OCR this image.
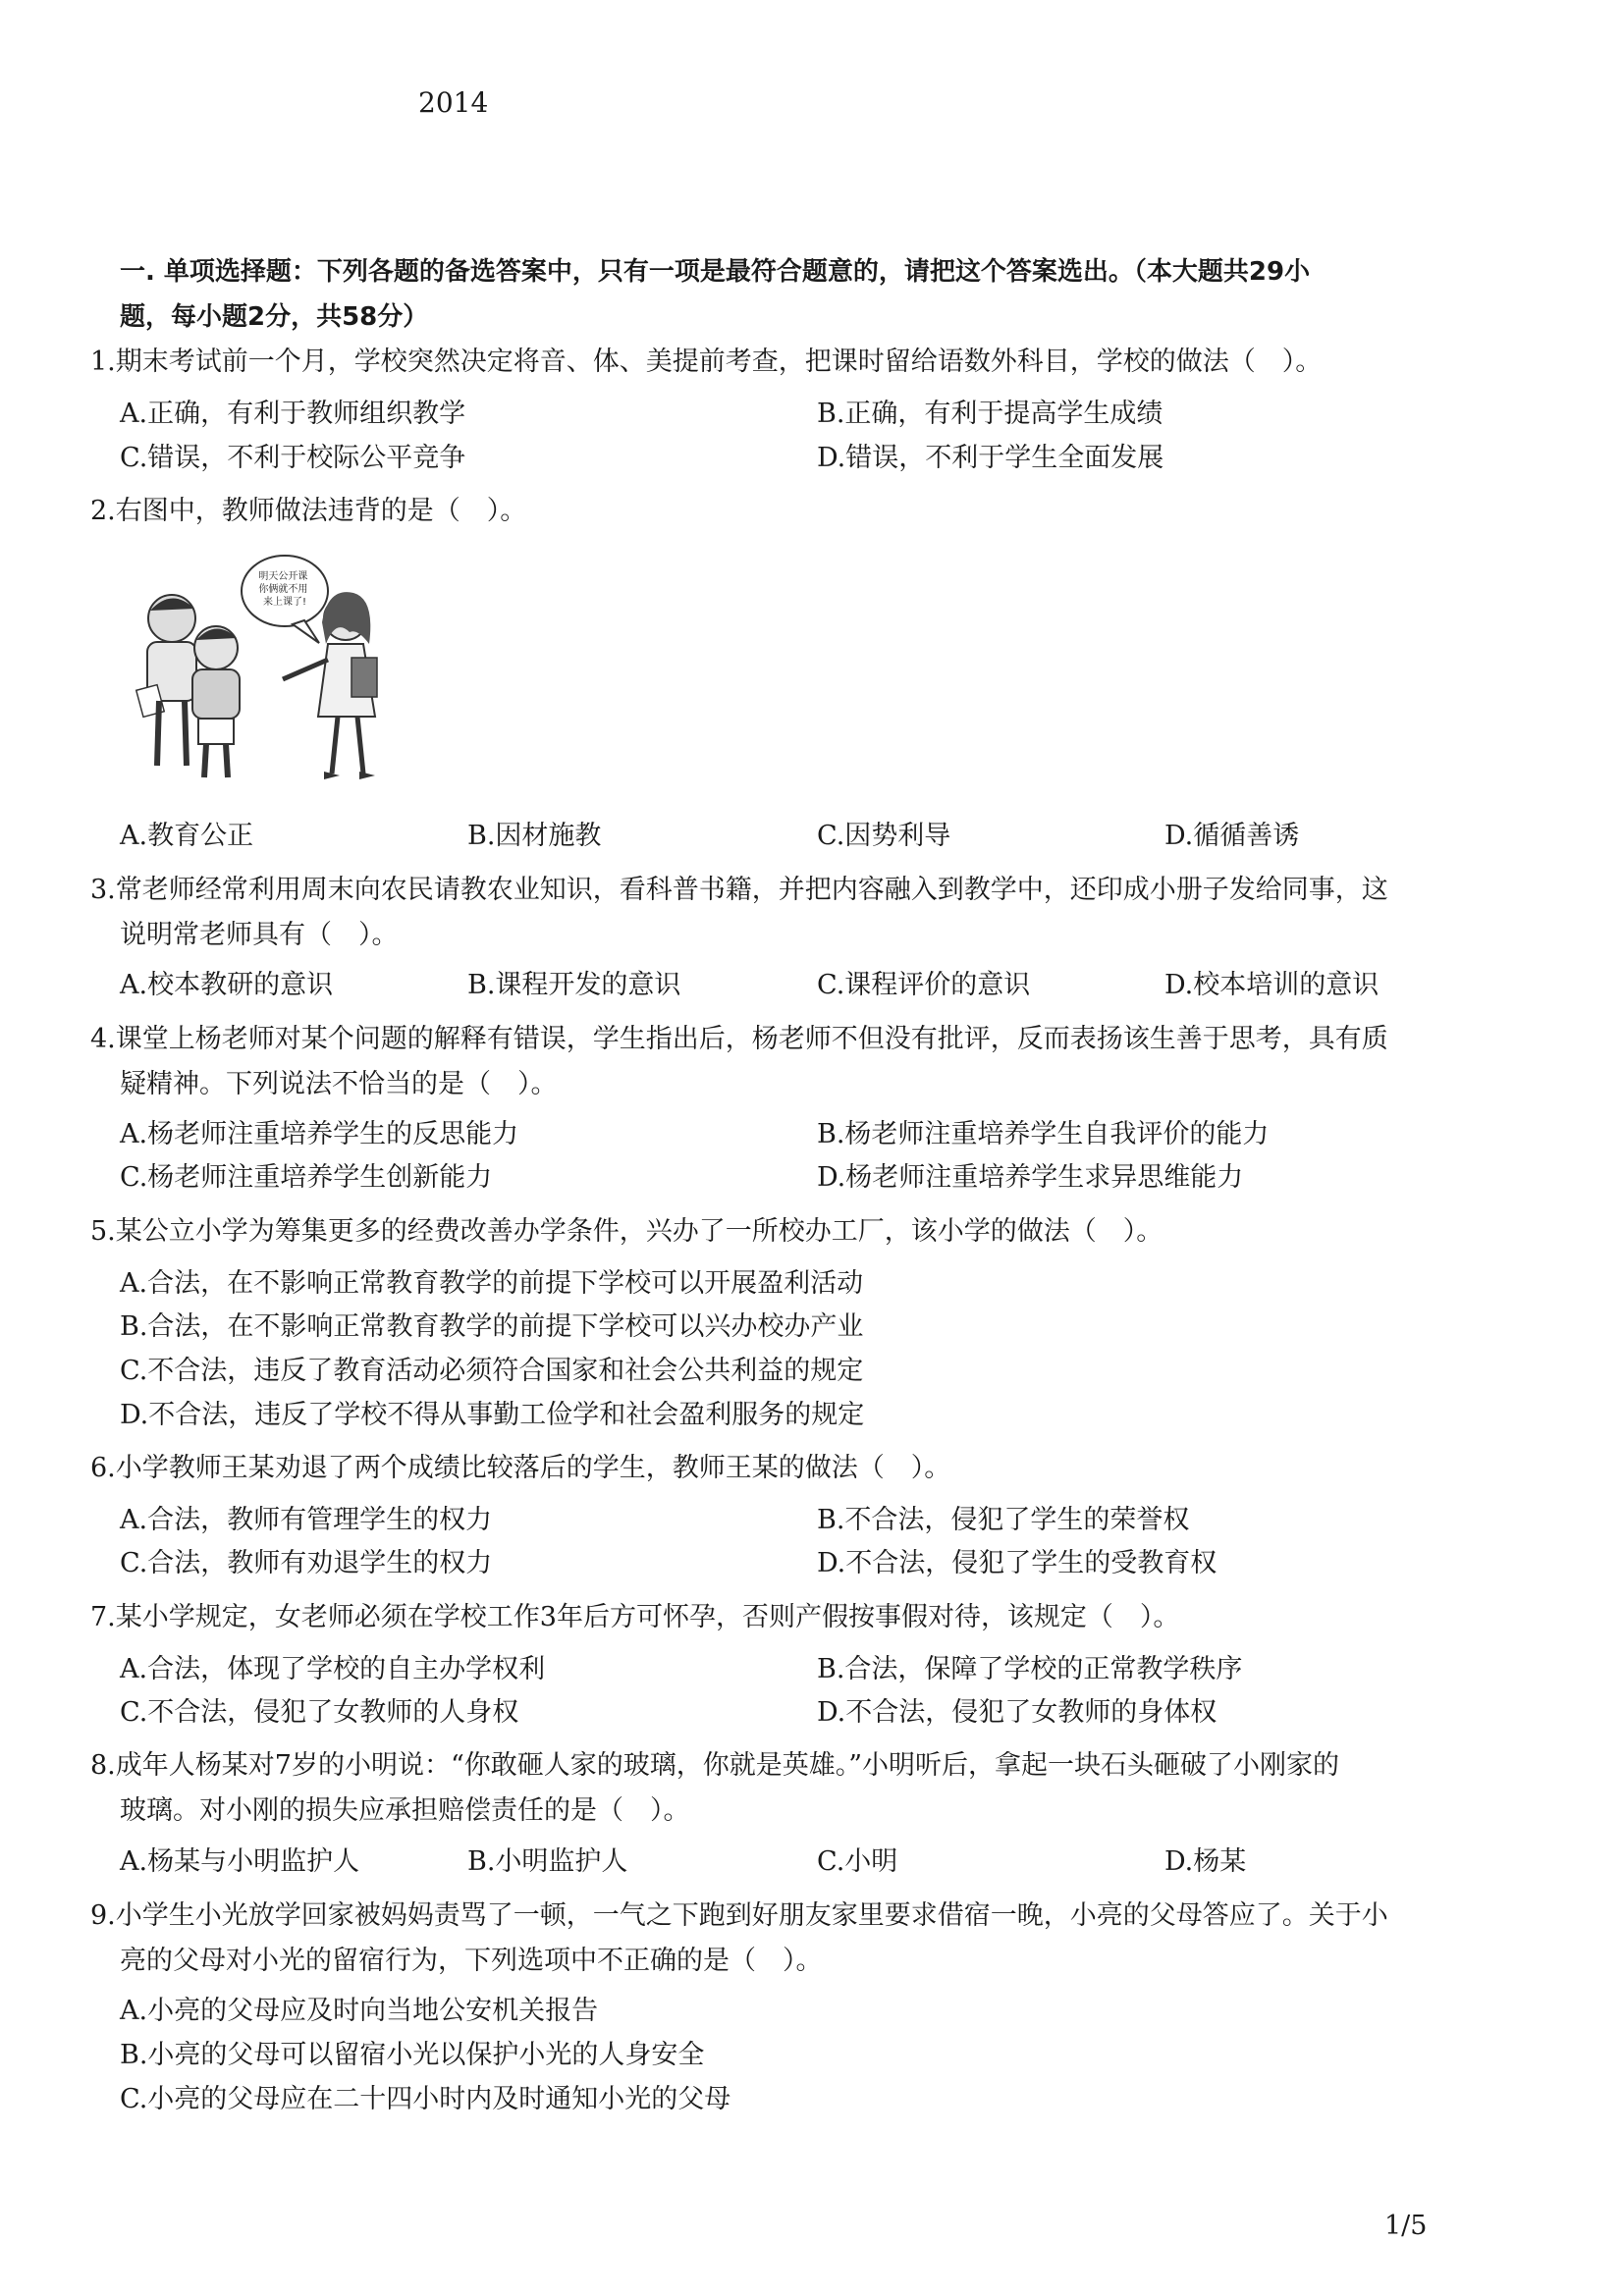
2014
一. 单项选择题：下列各题的备选答案中，只有一项是最符合题意的，请把这个答案选出。（本大题共29小
题，每小题2分，共58分）
1.期末考试前一个月，学校突然决定将音、体、美提前考查，把课时留给语数外科目，学校的做法（　）。
A.正确，有利于教师组织教学	B.正确，有利于提高学生成绩
C.错误，不利于校际公平竞争	D.错误，不利于学生全面发展
2.右图中，教师做法违背的是（　）。
明天公开课 你俩就不用 来上课了!
A.教育公正	B.因材施教	C.因势利导	D.循循善诱
3.常老师经常利用周末向农民请教农业知识，看科普书籍，并把内容融入到教学中，还印成小册子发给同事，这
说明常老师具有（　）。
A.校本教研的意识	B.课程开发的意识	C.课程评价的意识	D.校本培训的意识
4.课堂上杨老师对某个问题的解释有错误，学生指出后，杨老师不但没有批评，反而表扬该生善于思考，具有质
疑精神。下列说法不恰当的是（　）。
A.杨老师注重培养学生的反思能力	B.杨老师注重培养学生自我评价的能力
C.杨老师注重培养学生创新能力	D.杨老师注重培养学生求异思维能力
5.某公立小学为筹集更多的经费改善办学条件，兴办了一所校办工厂，该小学的做法（　）。
A.合法，在不影响正常教育教学的前提下学校可以开展盈利活动
B.合法，在不影响正常教育教学的前提下学校可以兴办校办产业
C.不合法，违反了教育活动必须符合国家和社会公共利益的规定
D.不合法，违反了学校不得从事勤工俭学和社会盈利服务的规定
6.小学教师王某劝退了两个成绩比较落后的学生，教师王某的做法（　）。
A.合法，教师有管理学生的权力	B.不合法，侵犯了学生的荣誉权
C.合法，教师有劝退学生的权力	D.不合法，侵犯了学生的受教育权
7.某小学规定，女老师必须在学校工作3年后方可怀孕，否则产假按事假对待，该规定（　）。
A.合法，体现了学校的自主办学权利	B.合法，保障了学校的正常教学秩序
C.不合法，侵犯了女教师的人身权	D.不合法，侵犯了女教师的身体权
8.成年人杨某对7岁的小明说：“你敢砸人家的玻璃，你就是英雄。”小明听后，拿起一块石头砸破了小刚家的
玻璃。对小刚的损失应承担赔偿责任的是（　）。
A.杨某与小明监护人	B.小明监护人	C.小明	D.杨某
9.小学生小光放学回家被妈妈责骂了一顿，一气之下跑到好朋友家里要求借宿一晚，小亮的父母答应了。关于小
亮的父母对小光的留宿行为，下列选项中不正确的是（　）。
A.小亮的父母应及时向当地公安机关报告
B.小亮的父母可以留宿小光以保护小光的人身安全
C.小亮的父母应在二十四小时内及时通知小光的父母
1/5
